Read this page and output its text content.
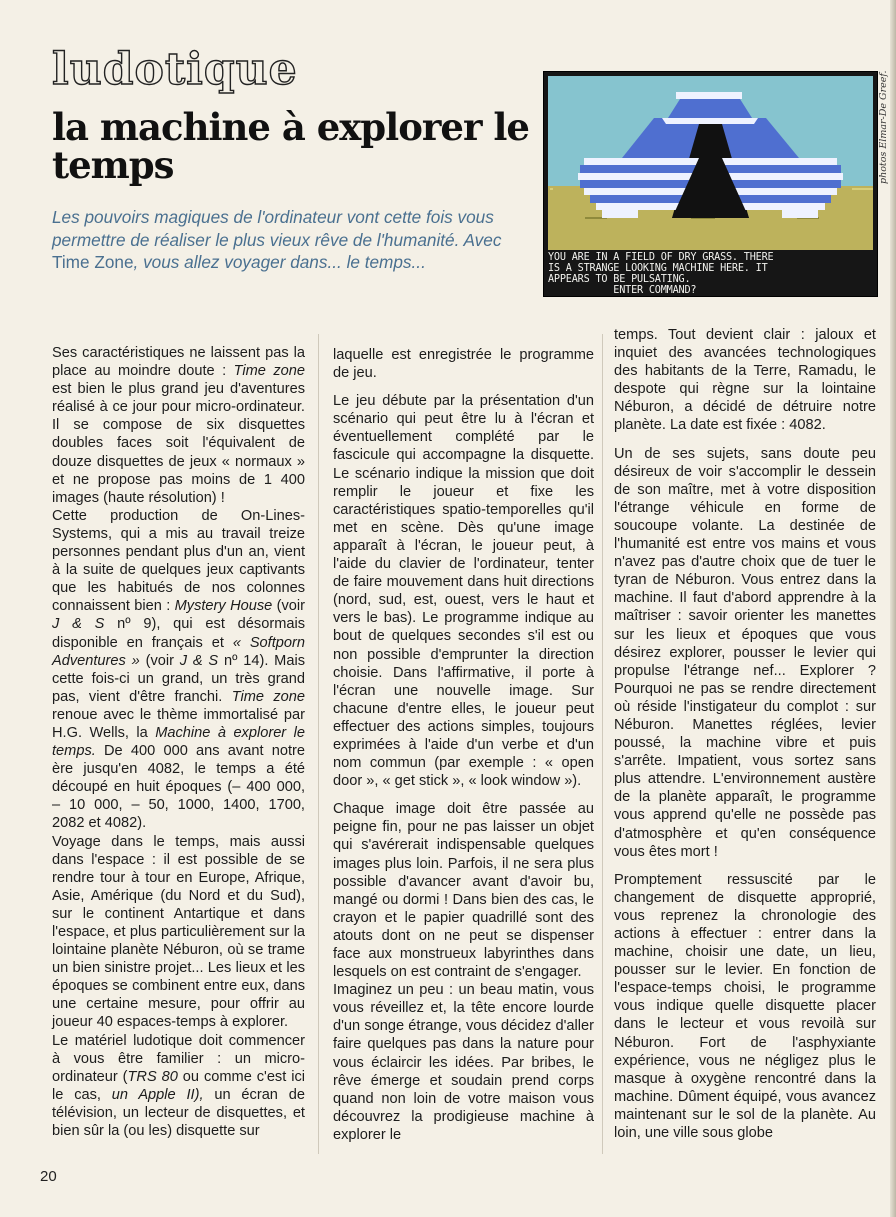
ludotique
la machine à explorer le temps
Les pouvoirs magiques de l'ordinateur vont cette fois vous permettre de réaliser le plus vieux rêve de l'humanité. Avec Time Zone, vous allez voyager dans... le temps...	YOU ARE IN A FIELD OF DRY GRASS. THERE
IS A STRANGE LOOKING MACHINE HERE. IT
APPEARS TO BE PULSATING.
ENTER COMMAND?
photos Elmar-De Greef.

Ses caractéristiques ne laissent pas la place au moindre doute : Time zone est bien le plus grand jeu d'aventures réalisé à ce jour pour micro-ordinateur. Il se compose de six disquettes doubles faces soit l'équivalent de douze disquettes de jeux « normaux » et ne propose pas moins de 1 400 images (haute résolution) !

Cette production de On-Lines-Systems, qui a mis au travail treize personnes pendant plus d'un an, vient à la suite de quelques jeux captivants que les habitués de nos colonnes connaissent bien : Mystery House (voir J & S nº 9), qui est désormais disponible en français et « Softporn Adventures » (voir J & S nº 14). Mais cette fois-ci un grand, un très grand pas, vient d'être franchi. Time zone renoue avec le thème immortalisé par H.G. Wells, la Machine à explorer le temps. De 400 000 ans avant notre ère jusqu'en 4082, le temps a été découpé en huit époques (– 400 000, – 10 000, – 50, 1000, 1400, 1700, 2082 et 4082).

Voyage dans le temps, mais aussi dans l'espace : il est possible de se rendre tour à tour en Europe, Afrique, Asie, Amérique (du Nord et du Sud), sur le continent Antartique et dans l'espace, et plus particulièrement sur la lointaine planète Néburon, où se trame un bien sinistre projet... Les lieux et les époques se combinent entre eux, dans une certaine mesure, pour offrir au joueur 40 espaces-temps à explorer.

Le matériel ludotique doit commencer à vous être familier : un micro-ordinateur (TRS 80 ou comme c'est ici le cas, un Apple II), un écran de télévision, un lecteur de disquettes, et bien sûr la (ou les) disquette sur

laquelle est enregistrée le programme de jeu.

Le jeu débute par la présentation d'un scénario qui peut être lu à l'écran et éventuellement complété par le fascicule qui accompagne la disquette. Le scénario indique la mission que doit remplir le joueur et fixe les caractéristiques spatio-temporelles qu'il met en scène. Dès qu'une image apparaît à l'écran, le joueur peut, à l'aide du clavier de l'ordinateur, tenter de faire mouvement dans huit directions (nord, sud, est, ouest, vers le haut et vers le bas). Le programme indique au bout de quelques secondes s'il est ou non possible d'emprunter la direction choisie. Dans l'affirmative, il porte à l'écran une nouvelle image. Sur chacune d'entre elles, le joueur peut effectuer des actions simples, toujours exprimées à l'aide d'un verbe et d'un nom commun (par exemple : « open door », « get stick », « look window »).

Chaque image doit être passée au peigne fin, pour ne pas laisser un objet qui s'avérerait indispensable quelques images plus loin. Parfois, il ne sera plus possible d'avancer avant d'avoir bu, mangé ou dormi ! Dans bien des cas, le crayon et le papier quadrillé sont des atouts dont on ne peut se dispenser face aux monstrueux labyrinthes dans lesquels on est contraint de s'engager.

Imaginez un peu : un beau matin, vous vous réveillez et, la tête encore lourde d'un songe étrange, vous décidez d'aller faire quelques pas dans la nature pour vous éclaircir les idées. Par bribes, le rêve émerge et soudain prend corps quand non loin de votre maison vous découvrez la prodigieuse machine à explorer le

temps. Tout devient clair : jaloux et inquiet des avancées technologiques des habitants de la Terre, Ramadu, le despote qui règne sur la lointaine Néburon, a décidé de détruire notre planète. La date est fixée : 4082.

Un de ses sujets, sans doute peu désireux de voir s'accomplir le dessein de son maître, met à votre disposition l'étrange véhicule en forme de soucoupe volante. La destinée de l'humanité est entre vos mains et vous n'avez pas d'autre choix que de tuer le tyran de Néburon. Vous entrez dans la machine. Il faut d'abord apprendre à la maîtriser : savoir orienter les manettes sur les lieux et époques que vous désirez explorer, pousser le levier qui propulse l'étrange nef... Explorer ? Pourquoi ne pas se rendre directement où réside l'instigateur du complot : sur Néburon. Manettes réglées, levier poussé, la machine vibre et puis s'arrête. Impatient, vous sortez sans plus attendre. L'environnement austère de la planète apparaît, le programme vous apprend qu'elle ne possède pas d'atmosphère et qu'en conséquence vous êtes mort !

Promptement ressuscité par le changement de disquette approprié, vous reprenez la chronologie des actions à effectuer : entrer dans la machine, choisir une date, un lieu, pousser sur le levier. En fonction de l'espace-temps choisi, le programme vous indique quelle disquette placer dans le lecteur et vous revoilà sur Néburon. Fort de l'asphyxiante expérience, vous ne négligez plus le masque à oxygène rencontré dans la machine. Dûment équipé, vous avancez maintenant sur le sol de la planète. Au loin, une ville sous globe

20
